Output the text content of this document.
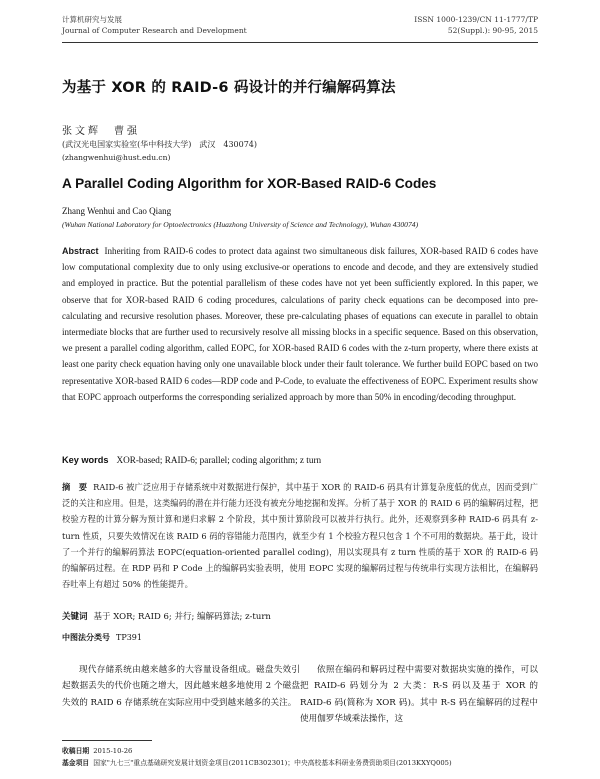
计算机研究与发展
Journal of Computer Research and Development
ISSN 1000-1239/CN 11-1777/TP
52(Suppl.): 90-95, 2015
为基于 XOR 的 RAID-6 码设计的并行编解码算法
张文辉　曹强
(武汉光电国家实验室(华中科技大学)　武汉　430074)
(zhangwenhui@hust.edu.cn)
A Parallel Coding Algorithm for XOR-Based RAID-6 Codes
Zhang Wenhui and Cao Qiang
(Wuhan National Laboratory for Optoelectronics (Huazhong University of Science and Technology), Wuhan 430074)
Abstract Inheriting from RAID-6 codes to protect data against two simultaneous disk failures, XOR-based RAID 6 codes have low computational complexity due to only using exclusive-or operations to encode and decode, and they are extensively studied and employed in practice. But the potential parallelism of these codes have not yet been sufficiently explored. In this paper, we observe that for XOR-based RAID 6 coding procedures, calculations of parity check equations can be decomposed into pre-calculating and recursive resolution phases. Moreover, these pre-calculating phases of equations can execute in parallel to obtain intermediate blocks that are further used to recursively resolve all missing blocks in a specific sequence. Based on this observation, we present a parallel coding algorithm, called EOPC, for XOR-based RAID 6 codes with the z-turn property, where there exists at least one parity check equation having only one unavailable block under their fault tolerance. We further build EOPC based on two representative XOR-based RAID 6 codes—RDP code and P-Code, to evaluate the effectiveness of EOPC. Experiment results show that EOPC approach outperforms the corresponding serialized approach by more than 50% in encoding/decoding throughput.
Key words XOR-based; RAID-6; parallel; coding algorithm; z turn
摘　要 RAID-6 被广泛应用于存储系统中对数据进行保护，其中基于 XOR 的 RAID-6 码具有计算复杂度低的优点，因而受到广泛的关注和应用。但是，这类编码的潜在并行能力还没有被充分地挖掘和发挥。分析了基于 XOR 的 RAID 6 码的编解码过程，把校验方程的计算分解为预计算和递归求解 2 个阶段，其中预计算阶段可以被并行执行。此外，还观察到多种 RAID-6 码具有 z-turn 性质，只要失效情况在该 RAID 6 码的容错能力范围内，就至少有 1 个校验方程只包含 1 个不可用的数据块。基于此，设计了一个并行的编解码算法 EOPC(equation-oriented parallel coding)，用以实现具有 z turn 性质的基于 XOR 的 RAID-6 码的编解码过程。在 RDP 码和 P Code 上的编解码实验表明，使用 EOPC 实现的编解码过程与传统串行实现方法相比，在编解码吞吐率上有超过 50% 的性能提升。
关键词 基于 XOR; RAID 6; 并行; 编解码算法; z-turn
中图法分类号 TP391
现代存储系统由越来越多的大容量设备组成。磁盘失效引起数据丢失的代价也随之增大，因此越来越多地使用 2 个磁盘失效的 RAID 6 存储系统在实际应用中受到越来越多的关注。
依照在编码和解码过程中需要对数据块实施的操作，可以把 RAID-6 码划分为 2 大类：R-S 码以及基于 XOR 的 RAID-6 码(简称为 XOR 码)。其中 R-S 码在编解码的过程中使用伽罗华域乘法操作，这
收稿日期 2015-10-26
基金项目 国家"九七三"重点基础研究发展计划资金项目(2011CB302301)；中央高校基本科研业务费资助项目(2013KXYQ005)
